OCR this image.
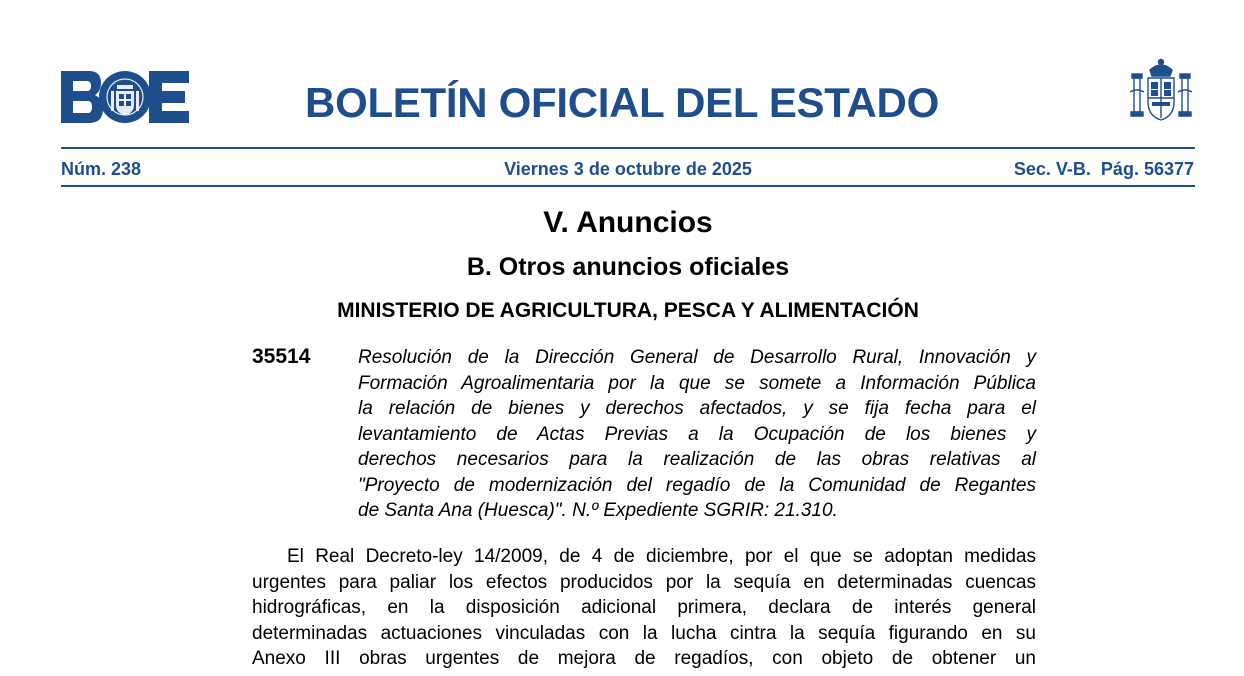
BOLETÍN OFICIAL DEL ESTADO
Núm. 238	Viernes 3 de octubre de 2025	Sec. V-B.  Pág. 56377
V. Anuncios
B. Otros anuncios oficiales
MINISTERIO DE AGRICULTURA, PESCA Y ALIMENTACIÓN
35514	Resolución de la Dirección General de Desarrollo Rural, Innovación y
Formación Agroalimentaria por la que se somete a Información Pública
la relación de bienes y derechos afectados, y se fija fecha para el
levantamiento de Actas Previas a la Ocupación de los bienes y
derechos necesarios para la realización de las obras relativas al
"Proyecto de modernización del regadío de la Comunidad de Regantes
de Santa Ana (Huesca)". N.º Expediente SGRIR: 21.310.
El Real Decreto-ley 14/2009, de 4 de diciembre, por el que se adoptan medidas
urgentes para paliar los efectos producidos por la sequía en determinadas cuencas
hidrográficas, en la disposición adicional primera, declara de interés general
determinadas actuaciones vinculadas con la lucha cintra la sequía figurando en su
Anexo III obras urgentes de mejora de regadíos, con objeto de obtener un
